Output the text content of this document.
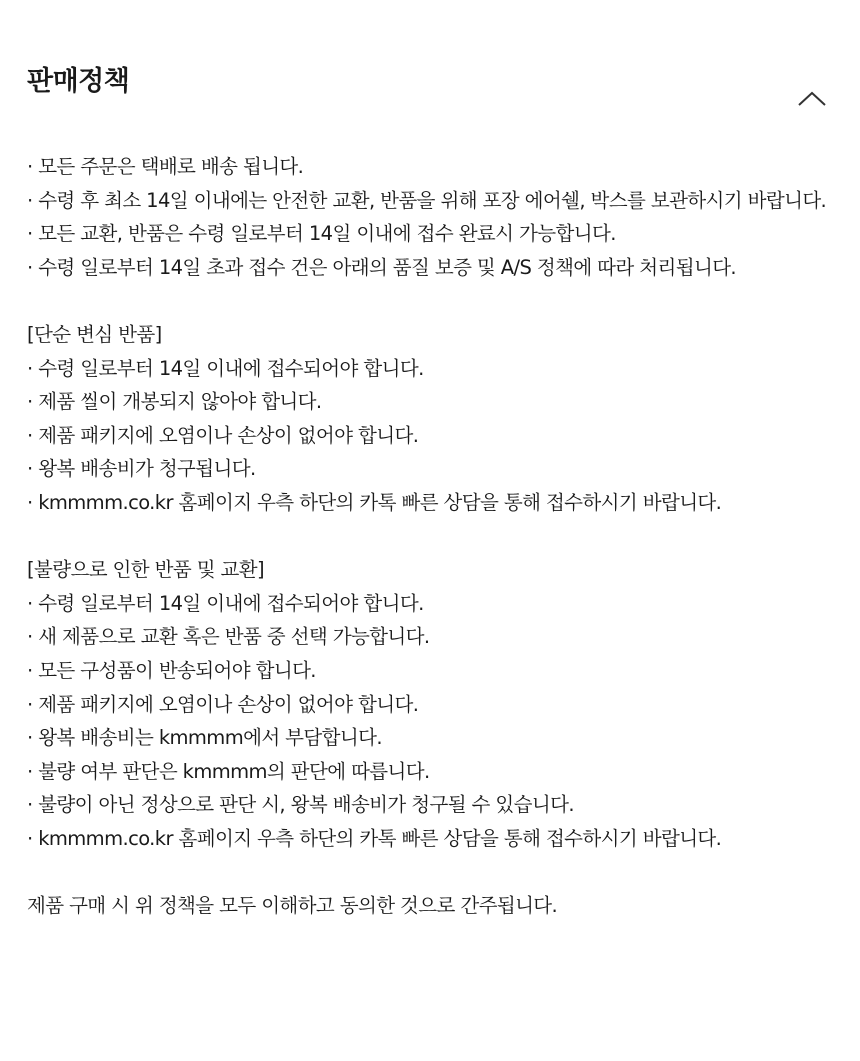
판매정책
· 모든 주문은 택배로 배송 됩니다.
· 수령 후 최소 14일 이내에는 안전한 교환, 반품을 위해 포장 에어쉘, 박스를 보관하시기 바랍니다.
· 모든 교환, 반품은 수령 일로부터 14일 이내에 접수 완료시 가능합니다.
· 수령 일로부터 14일 초과 접수 건은 아래의 품질 보증 및 A/S 정책에 따라 처리됩니다.
[단순 변심 반품]
· 수령 일로부터 14일 이내에 접수되어야 합니다.
· 제품 씰이 개봉되지 않아야 합니다.
· 제품 패키지에 오염이나 손상이 없어야 합니다.
· 왕복 배송비가 청구됩니다.
· kmmmm.co.kr 홈페이지 우측 하단의 카톡 빠른 상담을 통해 접수하시기 바랍니다.
[불량으로 인한 반품 및 교환]
· 수령 일로부터 14일 이내에 접수되어야 합니다.
· 새 제품으로 교환 혹은 반품 중 선택 가능합니다.
· 모든 구성품이 반송되어야 합니다.
· 제품 패키지에 오염이나 손상이 없어야 합니다.
· 왕복 배송비는 kmmmm에서 부담합니다.
· 불량 여부 판단은 kmmmm의 판단에 따릅니다.
· 불량이 아닌 정상으로 판단 시, 왕복 배송비가 청구될 수 있습니다.
· kmmmm.co.kr 홈페이지 우측 하단의 카톡 빠른 상담을 통해 접수하시기 바랍니다.
제품 구매 시 위 정책을 모두 이해하고 동의한 것으로 간주됩니다.
